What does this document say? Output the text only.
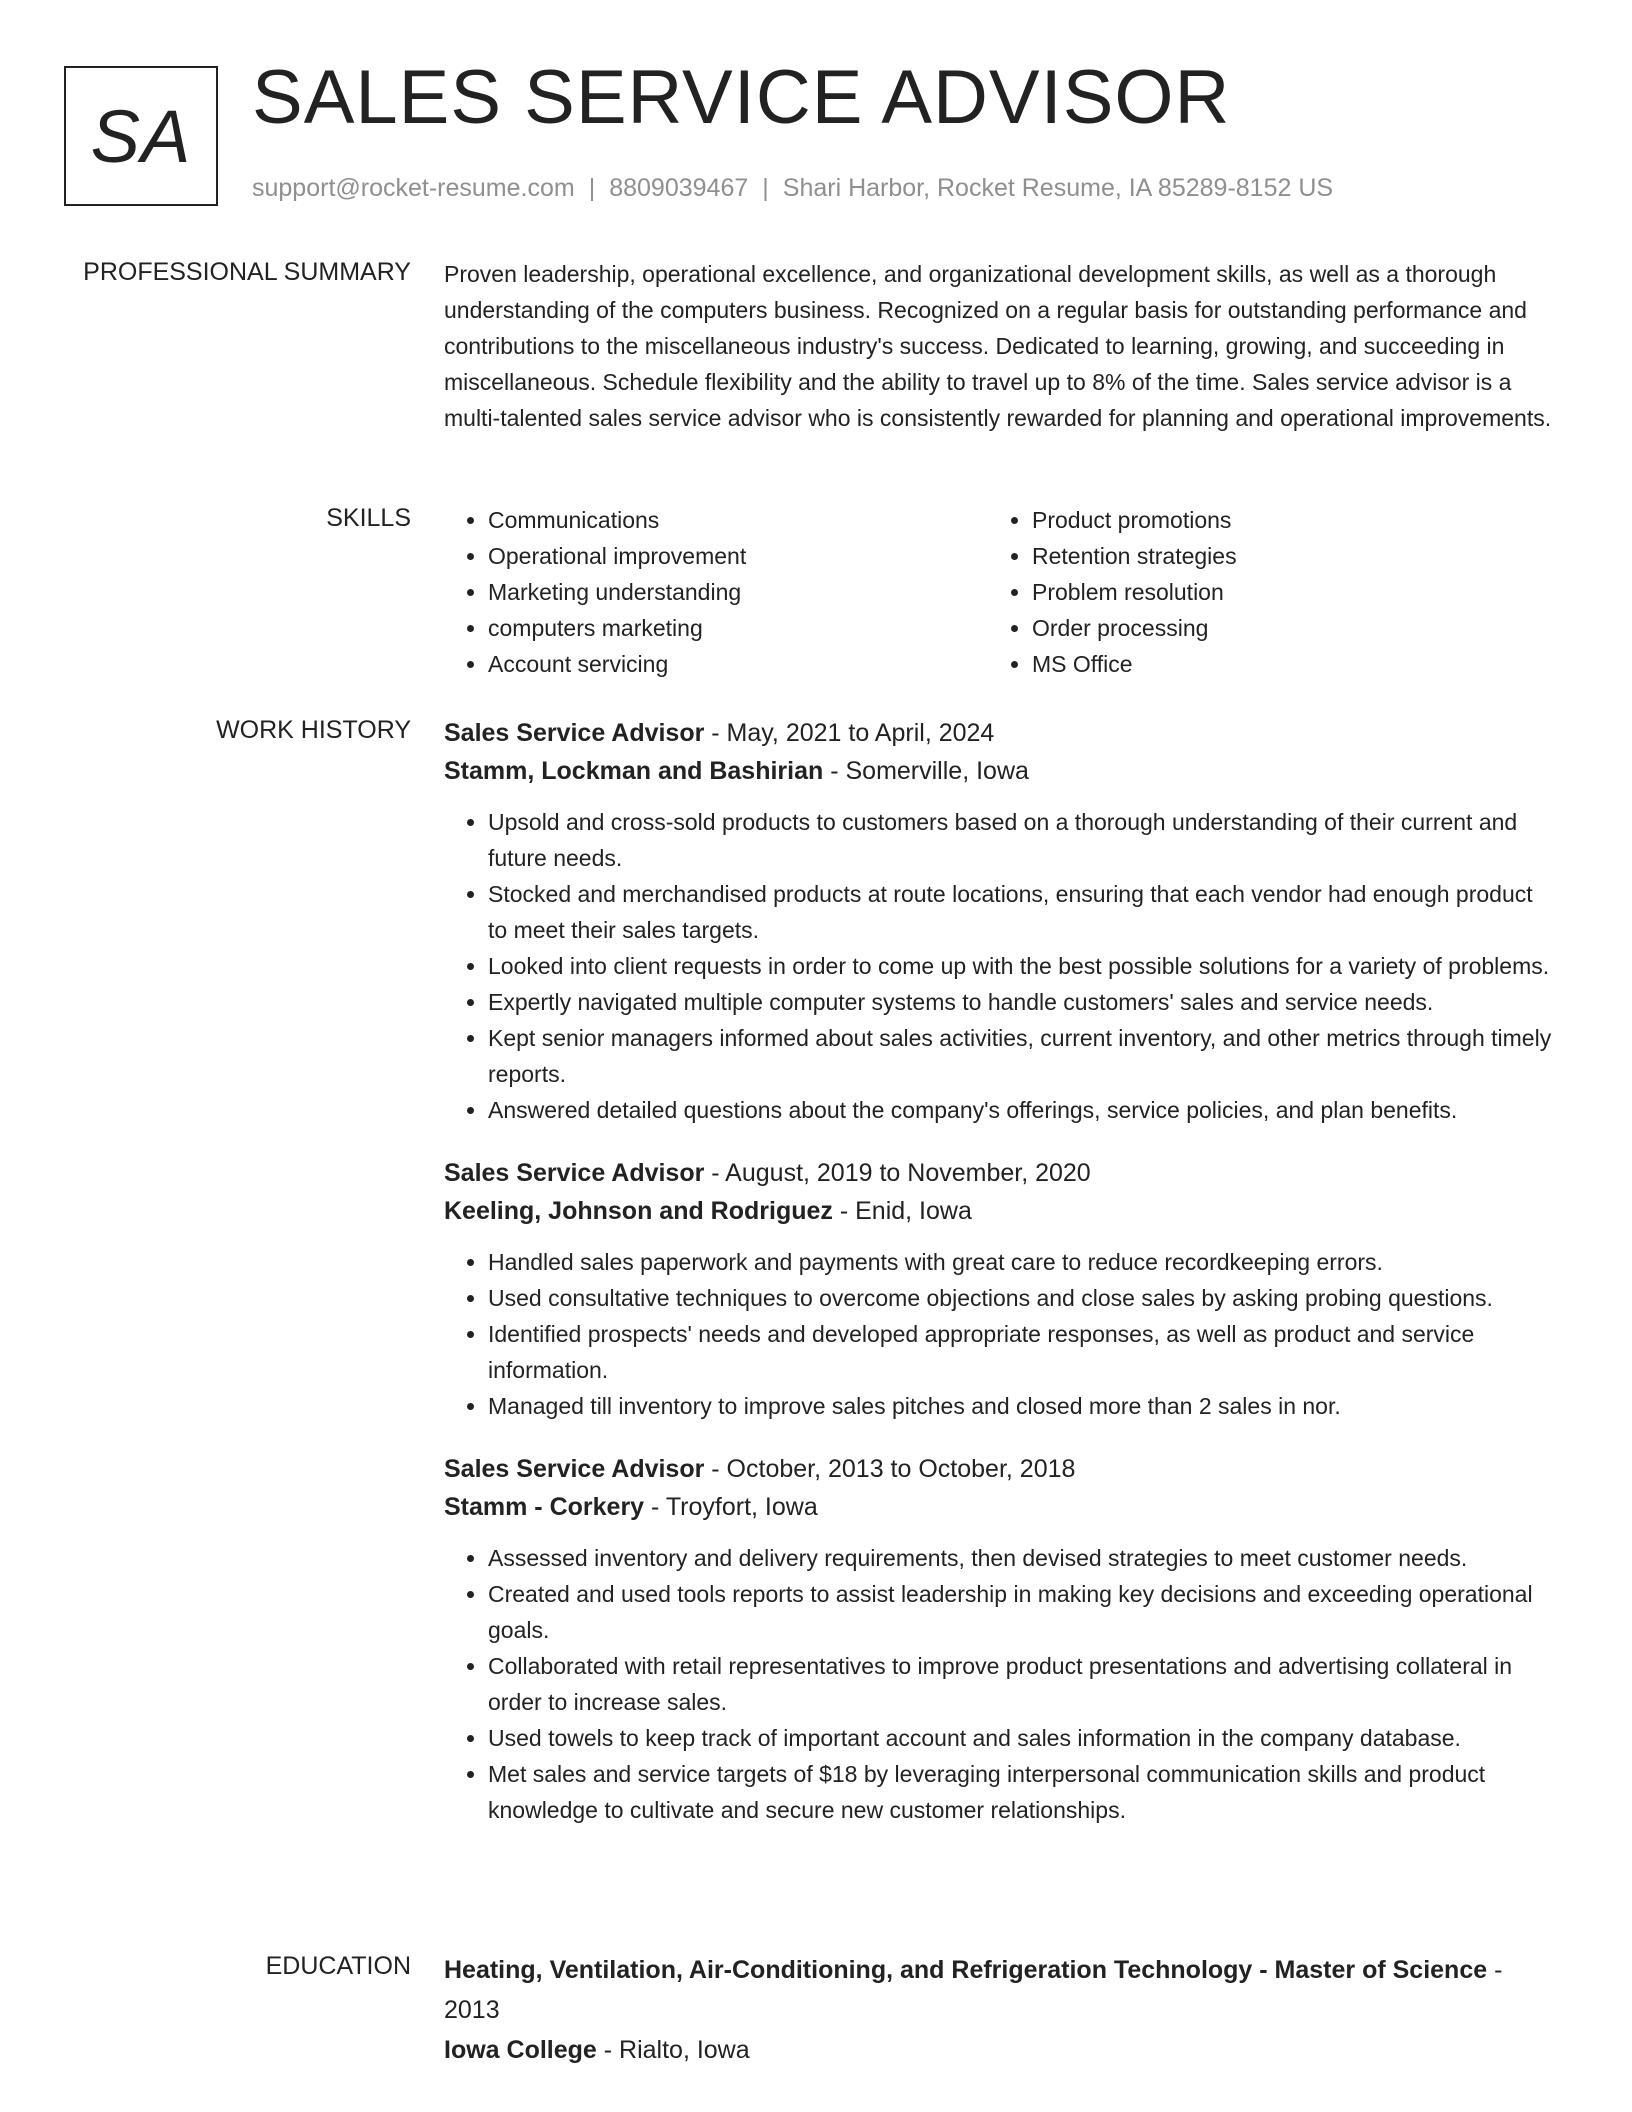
SA SALES SERVICE ADVISOR
support@rocket-resume.com | 8809039467 | Shari Harbor, Rocket Resume, IA 85289-8152 US
PROFESSIONAL SUMMARY Proven leadership, operational excellence, and organizational development skills, as well as a thorough understanding of the computers business. Recognized on a regular basis for outstanding performance and contributions to the miscellaneous industry's success. Dedicated to learning, growing, and succeeding in miscellaneous. Schedule flexibility and the ability to travel up to 8% of the time. Sales service advisor is a multi-talented sales service advisor who is consistently rewarded for planning and operational improvements.

SKILLS
•	Communications
• Operational improvement
• Marketing understanding
• computers marketing
• Account servicing
• Product promotions
• Retention strategies
• Problem resolution
• Order processing
• MS Office
WORK HISTORY Sales Service Advisor - May, 2021 to April, 2024
Stamm, Lockman and Bashirian - Somerville, Iowa
• Upsold and cross-sold products to customers based on a thorough understanding of their current and future needs.
• Stocked and merchandised products at route locations, ensuring that each vendor had enough product to meet their sales targets.
• Looked into client requests in order to come up with the best possible solutions for a variety of problems.
• Expertly navigated multiple computer systems to handle customers' sales and service needs.
• Kept senior managers informed about sales activities, current inventory, and other metrics through timely reports.
• Answered detailed questions about the company's offerings, service policies, and plan benefits.
Sales Service Advisor - August, 2019 to November, 2020
Keeling, Johnson and Rodriguez - Enid, Iowa
• Handled sales paperwork and payments with great care to reduce recordkeeping errors.
• Used consultative techniques to overcome objections and close sales by asking probing questions.
• Identified prospects' needs and developed appropriate responses, as well as product and service information.
• Managed till inventory to improve sales pitches and closed more than 2 sales in nor.
Sales Service Advisor - October, 2013 to October, 2018
Stamm - Corkery - Troyfort, Iowa
• Assessed inventory and delivery requirements, then devised strategies to meet customer needs.
• Created and used tools reports to assist leadership in making key decisions and exceeding operational goals.
• Collaborated with retail representatives to improve product presentations and advertising collateral in order to increase sales.
• Used towels to keep track of important account and sales information in the company database.
• Met sales and service targets of $18 by leveraging interpersonal communication skills and product knowledge to cultivate and secure new customer relationships.
EDUCATION Heating, Ventilation, Air-Conditioning, and Refrigeration Technology - Master of Science - 2013
Iowa College - Rialto, Iowa
